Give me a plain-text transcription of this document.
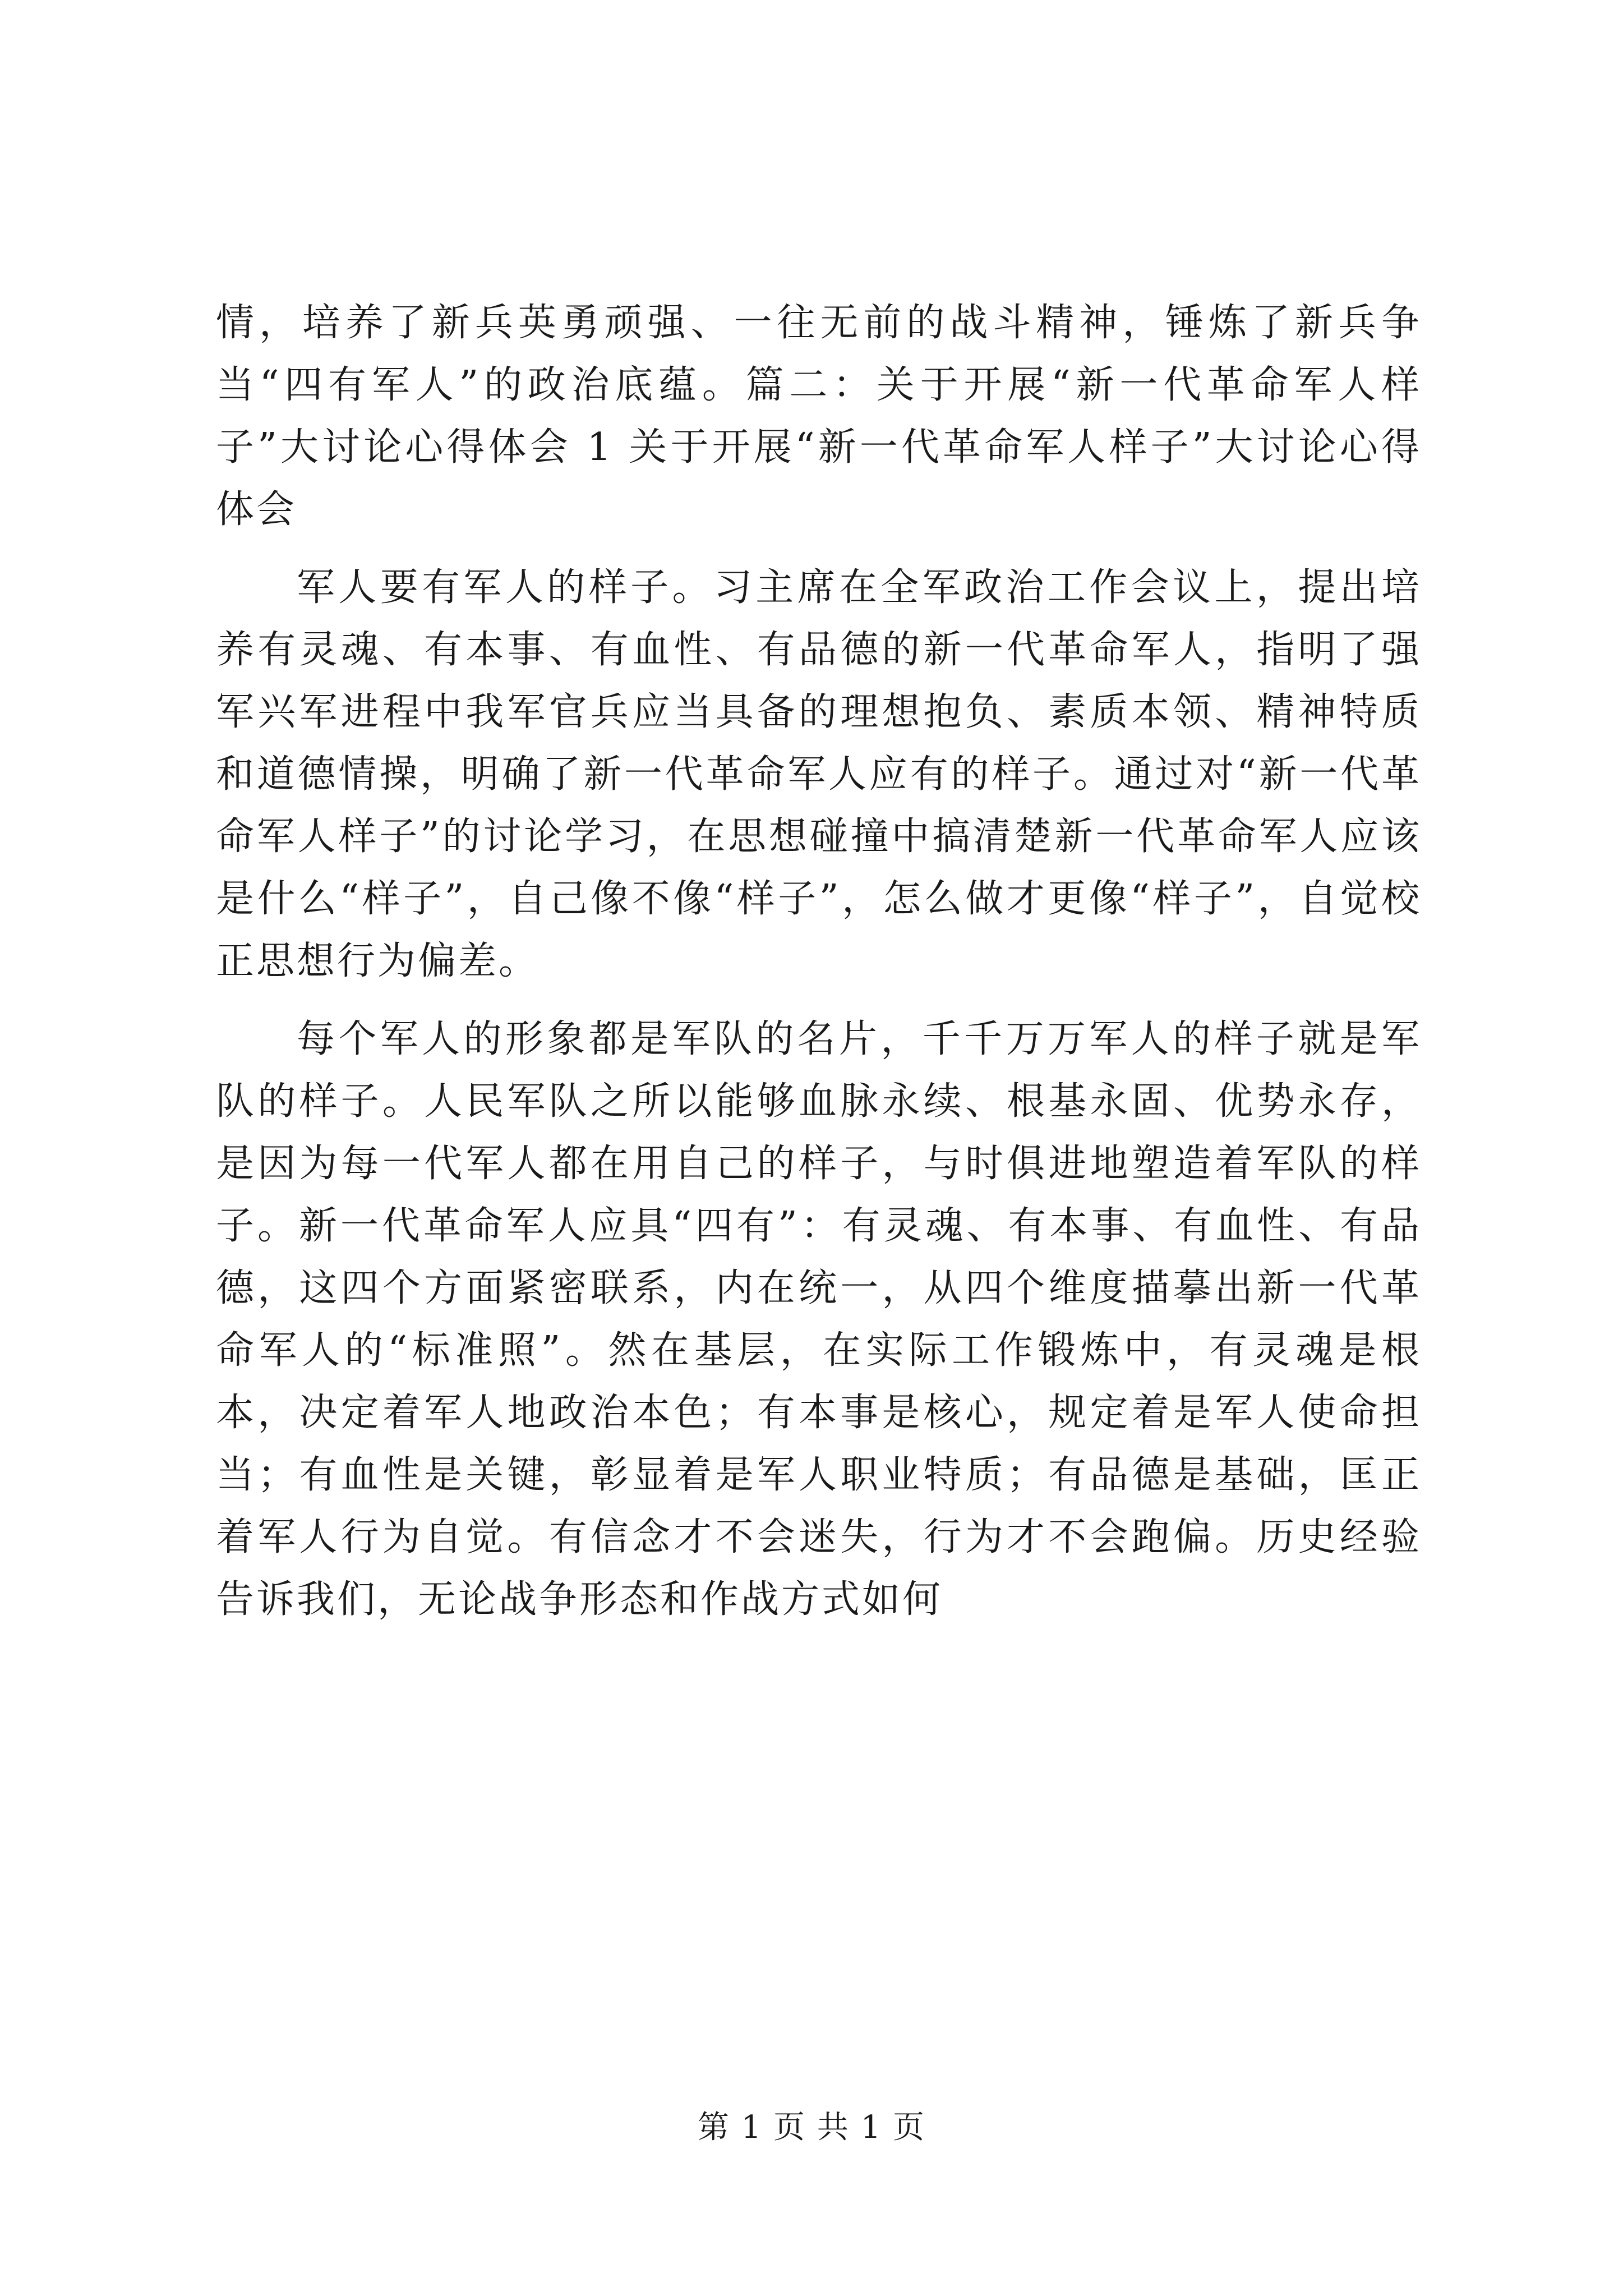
情，培养了新兵英勇顽强、一往无前的战斗精神，锤炼了新兵争当“四有军人”的政治底蕴。篇二：关于开展“新一代革命军人样子”大讨论心得体会 1 关于开展“新一代革命军人样子”大讨论心得体会

军人要有军人的样子。习主席在全军政治工作会议上，提出培养有灵魂、有本事、有血性、有品德的新一代革命军人，指明了强军兴军进程中我军官兵应当具备的理想抱负、素质本领、精神特质和道德情操，明确了新一代革命军人应有的样子。通过对“新一代革命军人样子”的讨论学习，在思想碰撞中搞清楚新一代革命军人应该是什么“样子”，自己像不像“样子”，怎么做才更像“样子”，自觉校正思想行为偏差。

每个军人的形象都是军队的名片，千千万万军人的样子就是军队的样子。人民军队之所以能够血脉永续、根基永固、优势永存，是因为每一代军人都在用自己的样子，与时俱进地塑造着军队的样子。新一代革命军人应具“四有”：有灵魂、有本事、有血性、有品德，这四个方面紧密联系，内在统一，从四个维度描摹出新一代革命军人的“标准照”。然在基层，在实际工作锻炼中，有灵魂是根本，决定着军人地政治本色；有本事是核心，规定着是军人使命担当；有血性是关键，彰显着是军人职业特质；有品德是基础，匡正着军人行为自觉。有信念才不会迷失，行为才不会跑偏。历史经验告诉我们，无论战争形态和作战方式如何

第 1 页 共 1 页
